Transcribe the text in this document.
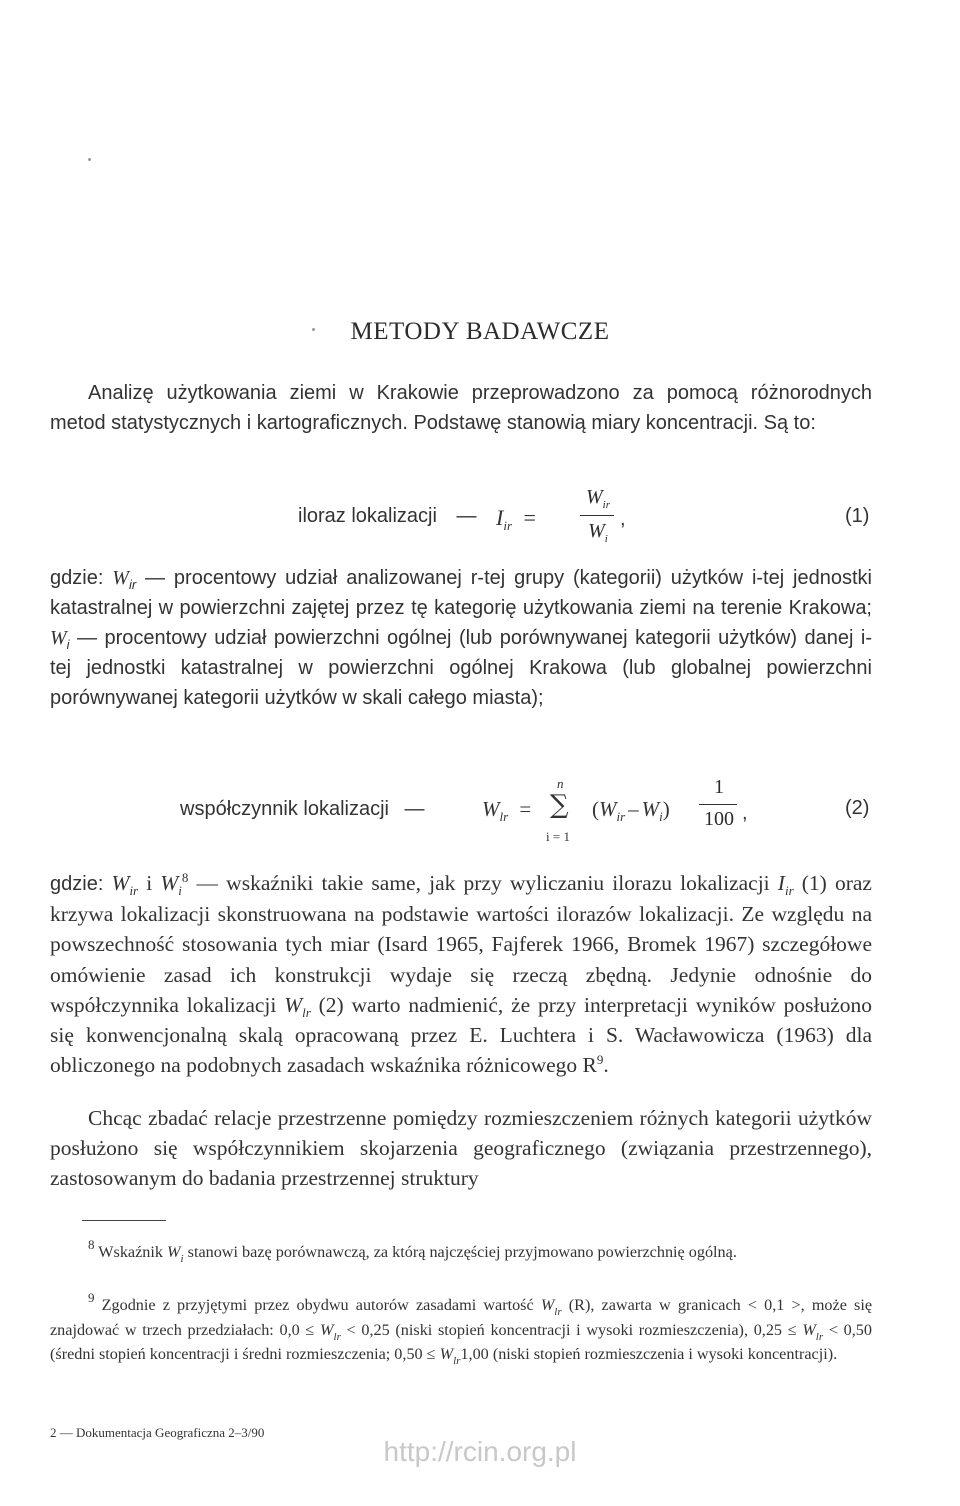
METODY BADAWCZE
Analizę użytkowania ziemi w Krakowie przeprowadzono za pomocą różnorodnych metod statystycznych i kartograficznych. Podstawę stanowią miary koncentracji. Są to:
iloraz lokalizacji — $I_{ir}$ =
$W_{ir}$
$W_i$
,	(1)
gdzie: $W_{ir}$ — procentowy udział analizowanej r-tej grupy (kategorii) użytków i-tej jednostki katastralnej w powierzchni zajętej przez tę kategorię użytkowania ziemi na terenie Krakowa; $W_i$ — procentowy udział powierzchni ogólnej (lub porównywanej kategorii użytków) danej i-tej jednostki katastralnej w powierzchni ogólnej Krakowa (lub globalnej powierzchni porównywanej kategorii użytków w skali całego miasta);
współczynnik lokalizacji —	$W_{lr}$ =
n
∑
i = 1
$(W_{ir} - W_i)$
1
100 ,	(2)
gdzie: $W_{ir}$ i $W_i^8$ — wskaźniki takie same, jak przy wyliczaniu ilorazu lokalizacji $I_{ir}$ (1) oraz krzywa lokalizacji skonstruowana na podstawie wartości ilorazów lokalizacji. Ze względu na powszechność stosowania tych miar (Isard 1965, Fajferek 1966, Bromek 1967) szczegółowe omówienie zasad ich konstrukcji wydaje się rzeczą zbędną. Jedynie odnośnie do współczynnika lokalizacji $W_{lr}$ (2) warto nadmienić, że przy interpretacji wyników posłużono się konwencjonalną skalą opracowaną przez E. Luchtera i S. Wacławowicza (1963) dla obliczonego na podobnych zasadach wskaźnika różnicowego $R^9$.
Chcąc zbadać relacje przestrzenne pomiędzy rozmieszczeniem różnych kategorii użytków posłużono się współczynnikiem skojarzenia geograficznego (związania przestrzennego), zastosowanym do badania przestrzennej struktury
$^8$ Wskaźnik $W_i$ stanowi bazę porównawczą, za którą najczęściej przyjmowano powierzchnię ogólną.
$^9$ Zgodnie z przyjętymi przez obydwu autorów zasadami wartość $W_{lr}$ (R), zawarta w granicach < 0,1 >, może się znajdować w trzech przedziałach: $0,0 \le W_{lr} < 0,25$ (niski stopień koncentracji i wysoki rozmieszczenia), $0,25 \le W_{lr} < 0,50$ (średni stopień koncentracji i średni rozmieszczenia; $0,50 \le W_{lr}1,00$ (niski stopień rozmieszczenia i wysoki koncentracji).
2 — Dokumentacja Geograficzna 2–3/90
http://rcin.org.pl
